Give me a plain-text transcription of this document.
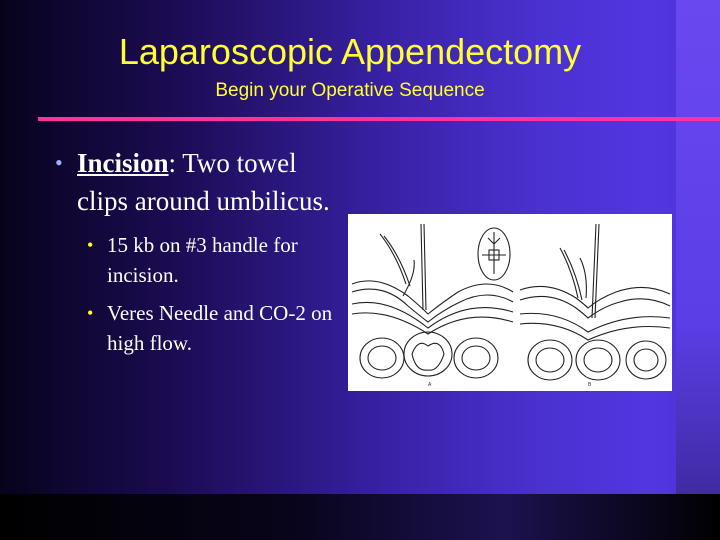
Laparoscopic Appendectomy
Begin your Operative Sequence
• Incision: Two towel clips around umbilicus.
• 15 kb on #3 handle for incision.
• Veres Needle and CO-2 on high flow.
A	B
